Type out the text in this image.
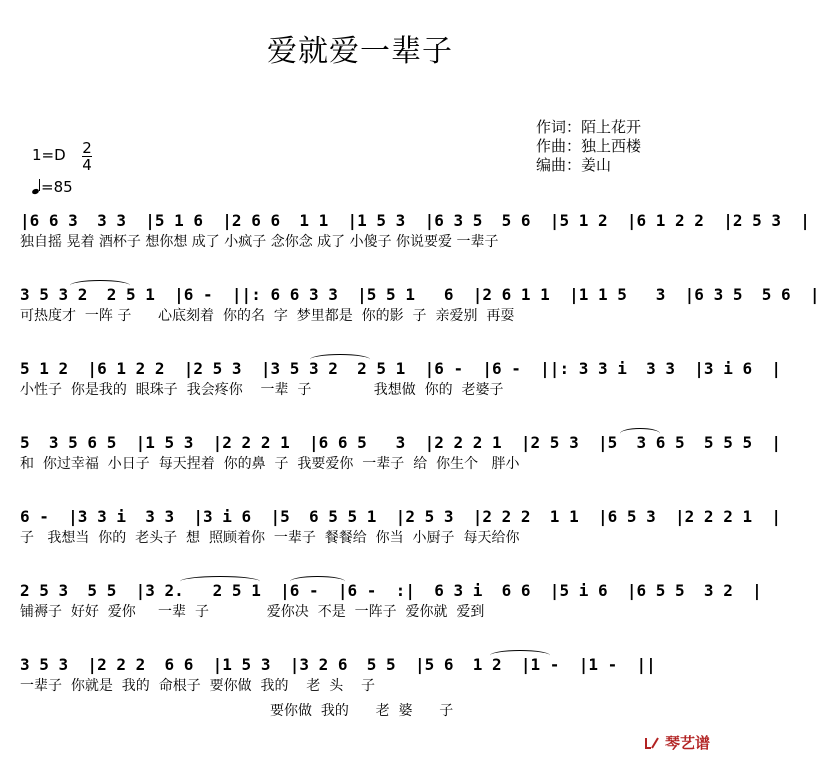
爱就爱一辈子
作词：陌上花开
作曲：独上西楼
编曲：姜山
1=D 2
4
=85
|6 6 3  3 3  |5 1 6  |2 6 6  1 1  |1 5 3  |6 3 5  5 6  |5 1 2  |6 1 2 2  |2 5 3  |
独自摇 晃着 酒杯子 想你想 成了 小疯子 念你念 成了 小傻子 你说要爱 一辈子
3 5 3 2  2 5 1  |6 -  ||: 6 6 3 3  |5 5 1   6  |2 6 1 1  |1 1 5   3  |6 3 5  5 6  |
可热度才  一阵 子      心底刻着  你的名  字  梦里都是  你的影  子  亲爱别  再耍
5 1 2  |6 1 2 2  |2 5 3  |3 5 3 2  2 5 1  |6 -  |6 -  ||: 3 3 i  3 3  |3 i 6  |
小性子  你是我的  眼珠子  我会疼你    一辈  子              我想做  你的  老婆子
5  3 5 6 5  |1 5 3  |2 2 2 1  |6 6 5   3  |2 2 2 1  |2 5 3  |5  3 6 5  5 5 5  |
和  你过幸福  小日子  每天捏着  你的鼻  子  我要爱你  一辈子  给  你生个   胖小
6 -  |3 3 i  3 3  |3 i 6  |5  6 5 5 1  |2 5 3  |2 2 2  1 1  |6 5 3  |2 2 2 1  |
子   我想当  你的  老头子  想  照顾着你  一辈子  餐餐给  你当  小厨子  每天给你
2 5 3  5 5  |3 2.   2 5 1  |6 -  |6 -  :|  6 3 i  6 6  |5 i 6  |6 5 5  3 2  |
铺褥子  好好  爱你     一辈  子             爱你决  不是  一阵子  爱你就  爱到
3 5 3  |2 2 2  6 6  |1 5 3  |3 2 6  5 5  |5 6  1 2  |1 -  |1 -  ||
一辈子  你就是  我的  命根子  要你做  我的    老  头    子
要你做  我的      老  婆      子
琴艺谱
